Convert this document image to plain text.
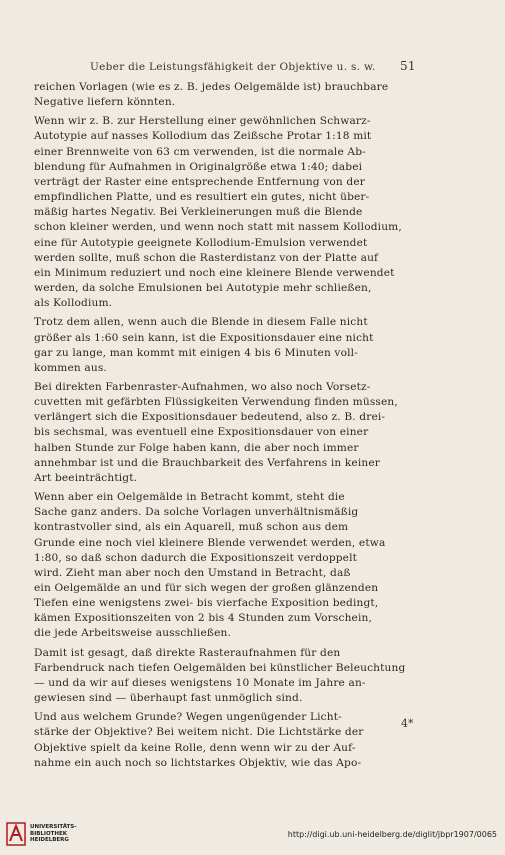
Ueber die Leistungsfähigkeit der Objektive u. s. w. 51

reichen Vorlagen (wie es z. B. jedes Oelgemälde ist) brauchbare
Negative liefern könnten.

Wenn wir z. B. zur Herstellung einer gewöhnlichen Schwarz-
Autotypie auf nasses Kollodium das Zeißsche Protar 1:18 mit
einer Brennweite von 63 cm verwenden, ist die normale Ab-
blendung für Aufnahmen in Originalgröße etwa 1:40; dabei
verträgt der Raster eine entsprechende Entfernung von der
empfindlichen Platte, und es resultiert ein gutes, nicht über-
mäßig hartes Negativ. Bei Verkleinerungen muß die Blende
schon kleiner werden, und wenn noch statt mit nassem Kollodium,
eine für Autotypie geeignete Kollodium-Emulsion verwendet
werden sollte, muß schon die Rasterdistanz von der Platte auf
ein Minimum reduziert und noch eine kleinere Blende verwendet
werden, da solche Emulsionen bei Autotypie mehr schließen,
als Kollodium.

Trotz dem allen, wenn auch die Blende in diesem Falle nicht
größer als 1:60 sein kann, ist die Expositionsdauer eine nicht
gar zu lange, man kommt mit einigen 4 bis 6 Minuten voll-
kommen aus.

Bei direkten Farbenraster-Aufnahmen, wo also noch Vorsetz-
cuvetten mit gefärbten Flüssigkeiten Verwendung finden müssen,
verlängert sich die Expositionsdauer bedeutend, also z. B. drei-
bis sechsmal, was eventuell eine Expositionsdauer von einer
halben Stunde zur Folge haben kann, die aber noch immer
annehmbar ist und die Brauchbarkeit des Verfahrens in keiner
Art beeinträchtigt.

Wenn aber ein Oelgemälde in Betracht kommt, steht die
Sache ganz anders. Da solche Vorlagen unverhältnismäßig
kontrastvoller sind, als ein Aquarell, muß schon aus dem
Grunde eine noch viel kleinere Blende verwendet werden, etwa
1:80, so daß schon dadurch die Expositionszeit verdoppelt
wird. Zieht man aber noch den Umstand in Betracht, daß
ein Oelgemälde an und für sich wegen der großen glänzenden
Tiefen eine wenigstens zwei- bis vierfache Exposition bedingt,
kämen Expositionszeiten von 2 bis 4 Stunden zum Vorschein,
die jede Arbeitsweise ausschließen.

Damit ist gesagt, daß direkte Rasteraufnahmen für den
Farbendruck nach tiefen Oelgemälden bei künstlicher Beleuchtung
— und da wir auf dieses wenigstens 10 Monate im Jahre an-
gewiesen sind — überhaupt fast unmöglich sind.

Und aus welchem Grunde? Wegen ungenügender Licht-
stärke der Objektive? Bei weitem nicht. Die Lichtstärke der
Objektive spielt da keine Rolle, denn wenn wir zu der Auf-
nahme ein auch noch so lichtstarkes Objektiv, wie das Apo-

4*
UNIVERSITÄTS-
BIBLIOTHEK
HEIDELBERG
http://digi.ub.uni-heidelberg.de/diglit/jbpr1907/0065
